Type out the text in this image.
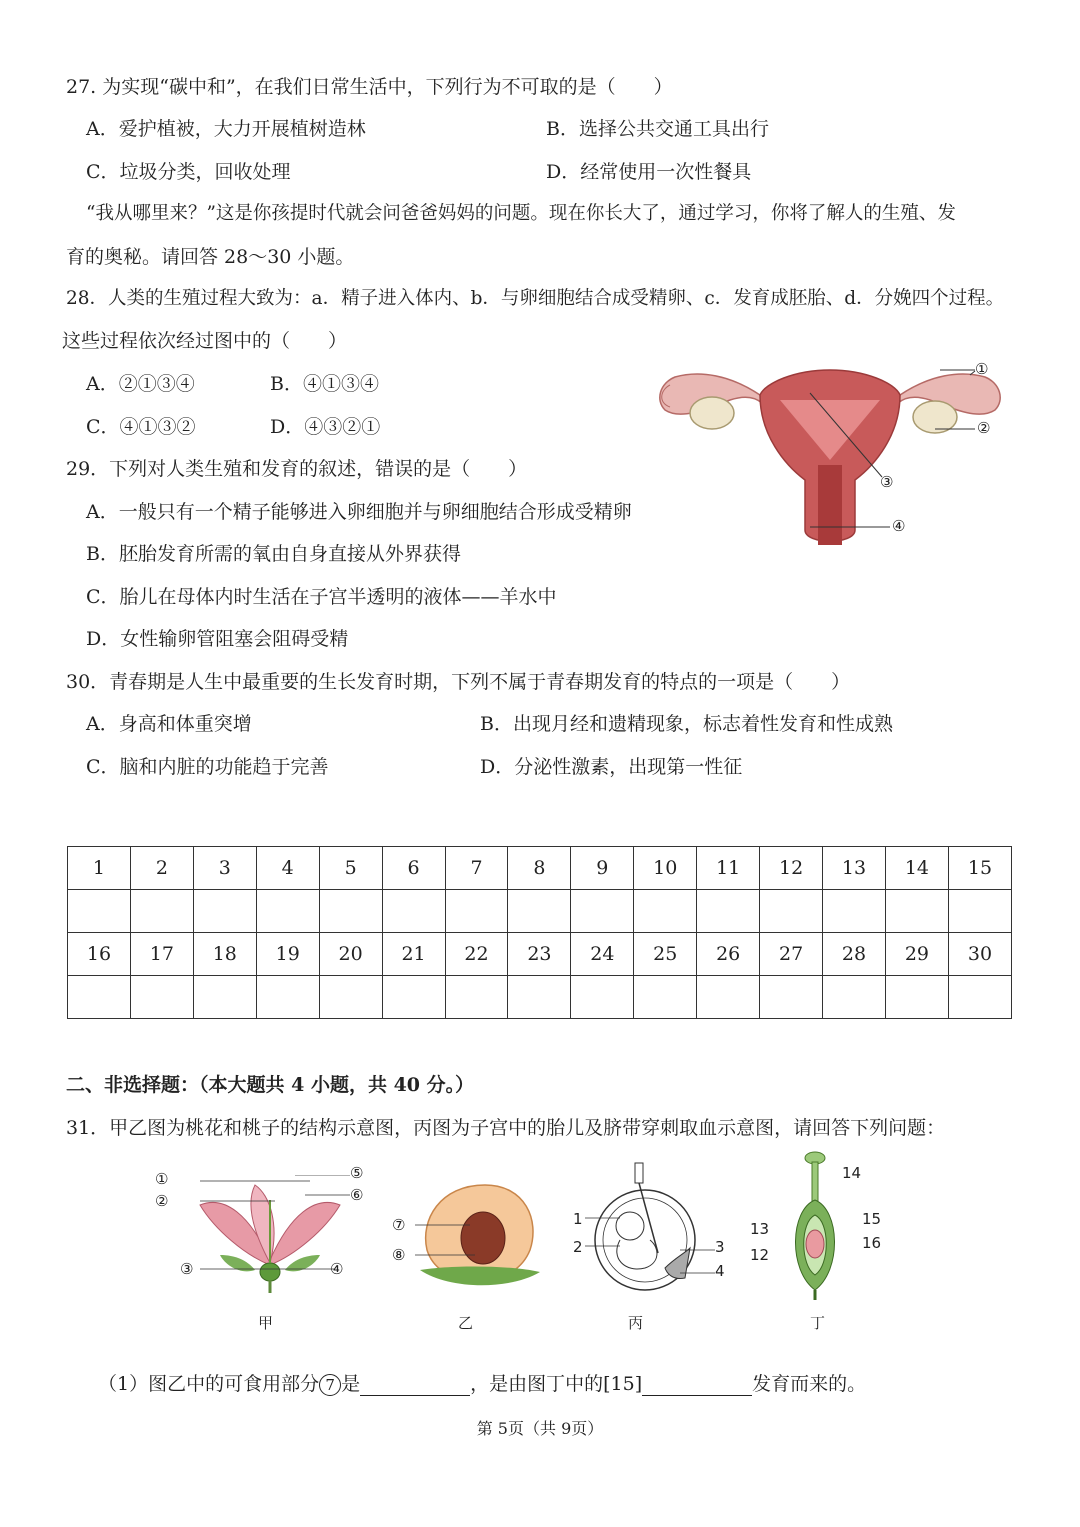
27. 为实现“碳中和”，在我们日常生活中，下列行为不可取的是（　　）
A．爱护植被，大力开展植树造林	B．选择公共交通工具出行
C．垃圾分类，回收处理	D．经常使用一次性餐具
“我从哪里来？”这是你孩提时代就会问爸爸妈妈的问题。现在你长大了，通过学习，你将了解人的生殖、发
育的奥秘。请回答 28～30 小题。
28．人类的生殖过程大致为：a．精子进入体内、b．与卵细胞结合成受精卵、c．发育成胚胎、d．分娩四个过程。
这些过程依次经过图中的（　　）
A．②①③④	B．④①③④
C．④①③②	D．④③②①
①
②
③
④
29．下列对人类生殖和发育的叙述，错误的是（　　）
A．一般只有一个精子能够进入卵细胞并与卵细胞结合形成受精卵
B．胚胎发育所需的氧由自身直接从外界获得
C．胎儿在母体内时生活在子宫半透明的液体——羊水中
D．女性输卵管阻塞会阻碍受精
30．青春期是人生中最重要的生长发育时期，下列不属于青春期发育的特点的一项是（　　）
A．身高和体重突增	B．出现月经和遗精现象，标志着性发育和性成熟
C．脑和内脏的功能趋于完善	D．分泌性激素，出现第一性征
1	2	3	4	5	6	7	8	9	10	11	12	13	14	15

16	17	18	19	20	21	22	23	24	25	26	27	28	29	30

二、非选择题：（本大题共 4 小题，共 40 分。）
31．甲乙图为桃花和桃子的结构示意图，丙图为子宫中的胎儿及脐带穿刺取血示意图，请回答下列问题：
①
②
③	④
⑤
⑥
甲
⑦
⑧
乙
1
2	3
4
丙
14
15
16
13
12
丁
（1）图乙中的可食用部分 7 是	，是由图丁中的[15]	发育而来的。
第 5页（共 9页）
